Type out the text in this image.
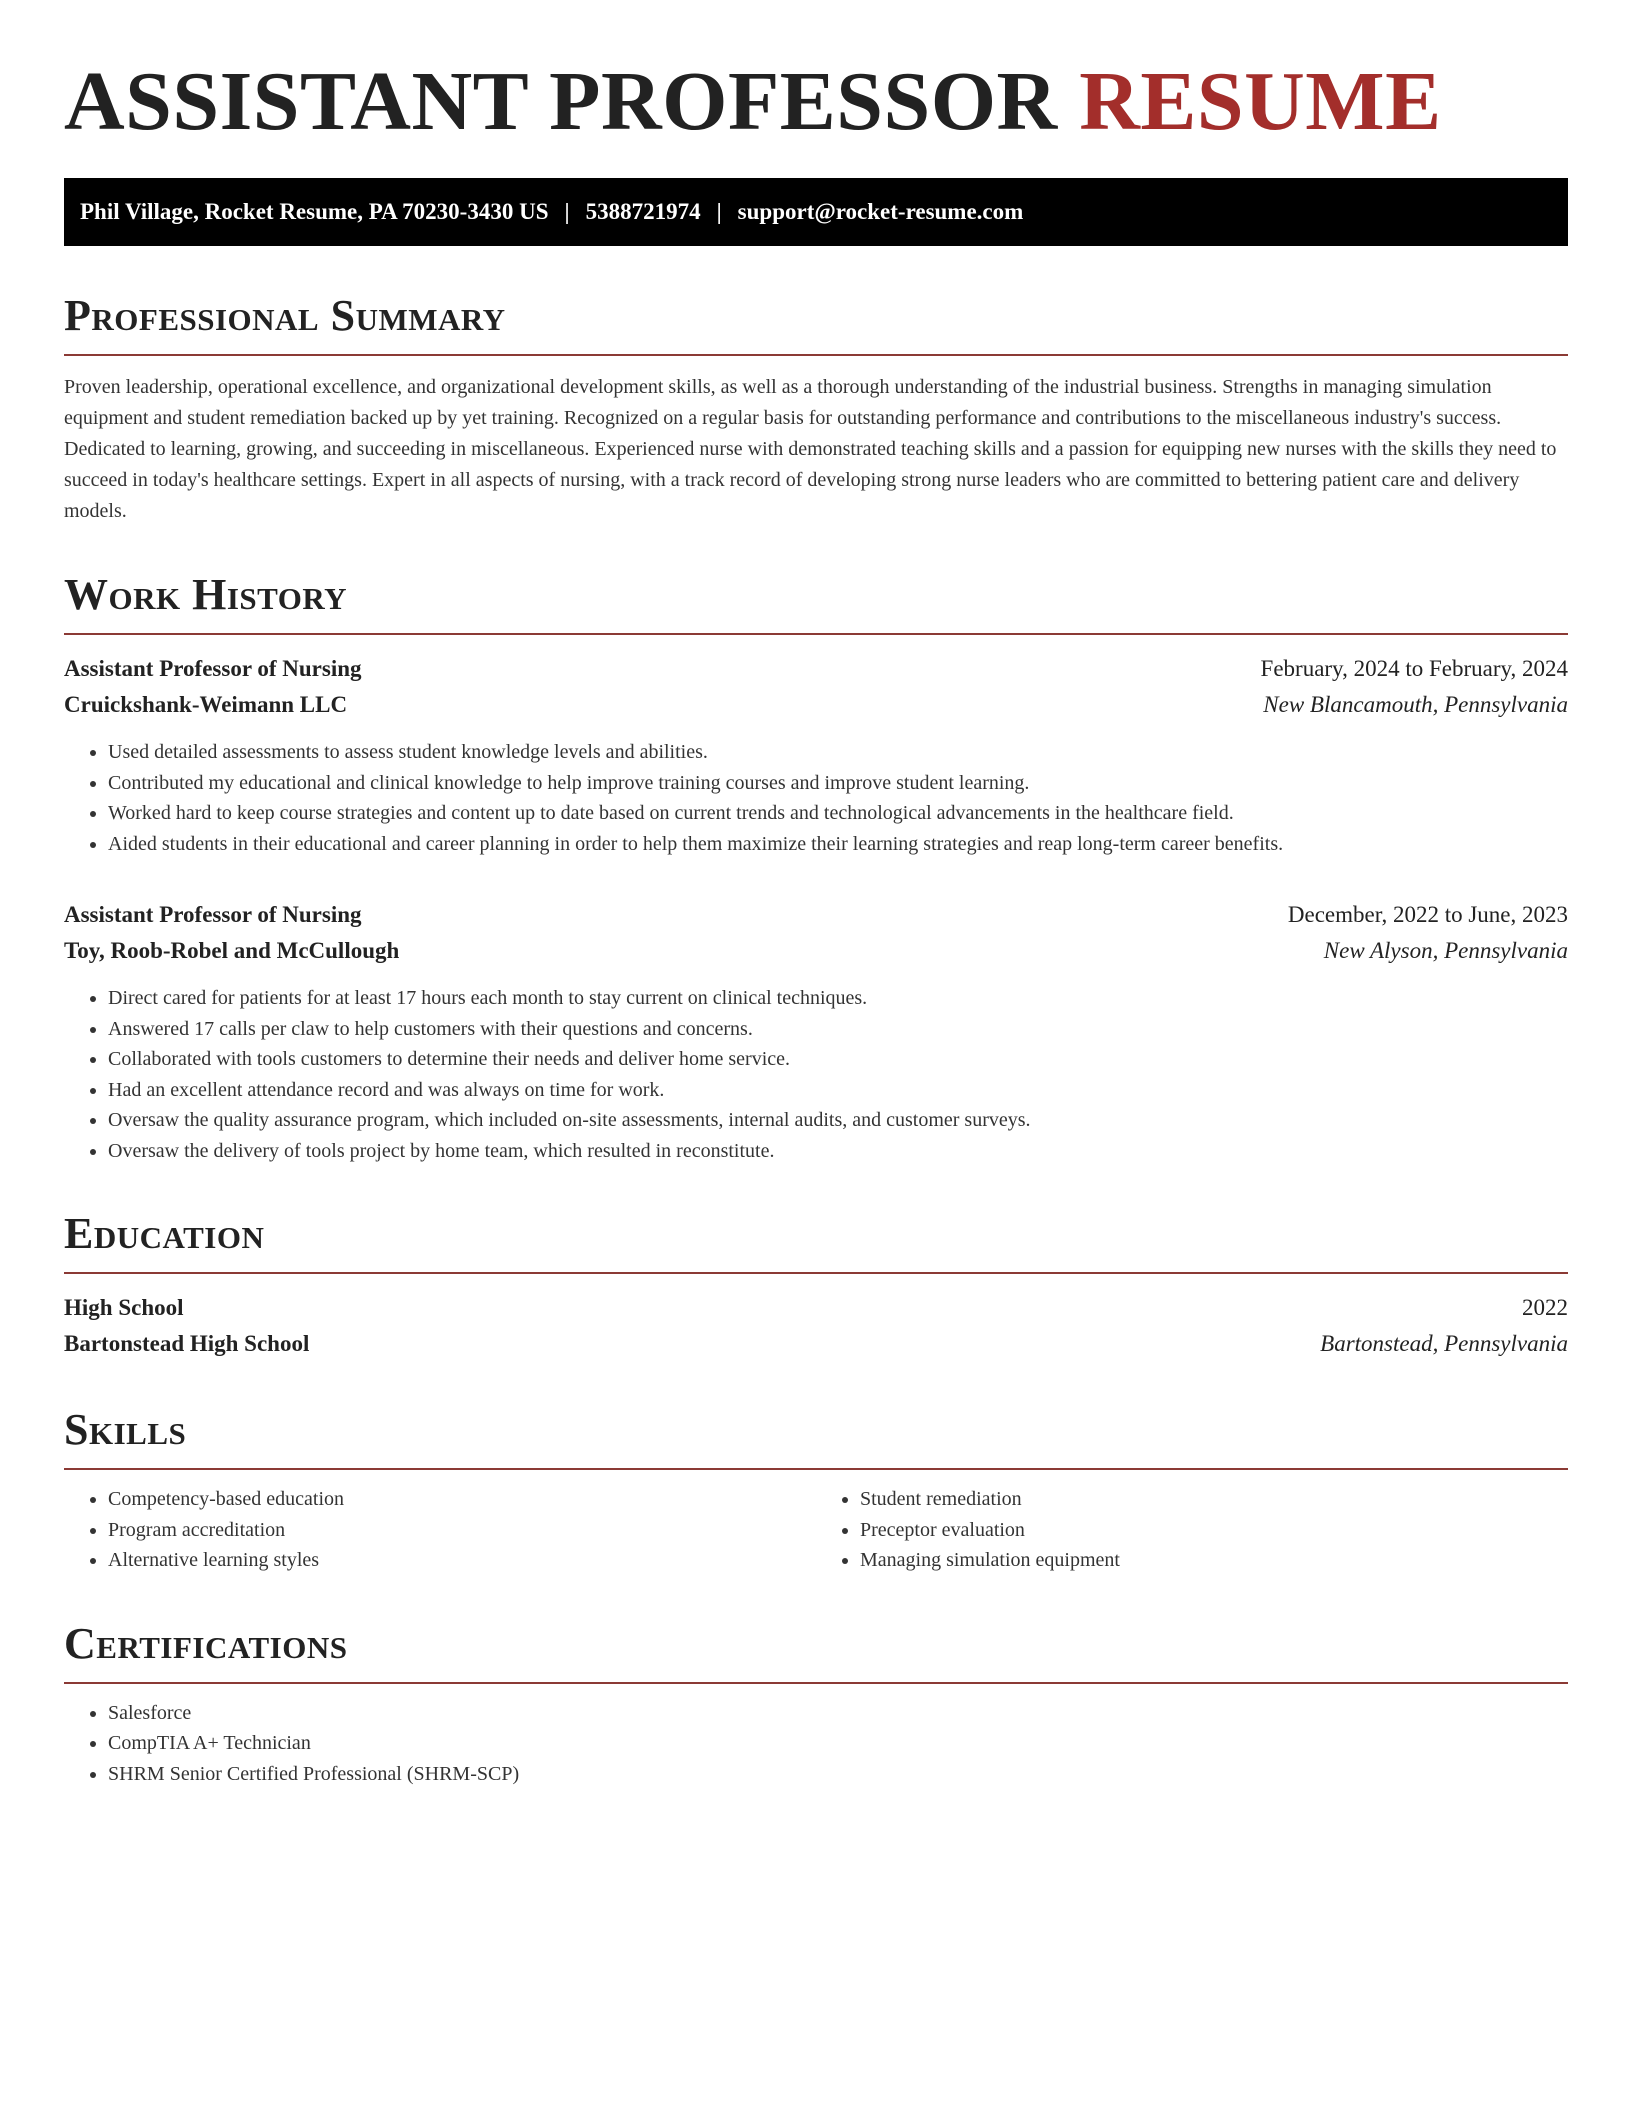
ASSISTANT PROFESSOR RESUME
Phil Village, Rocket Resume, PA 70230-3430 US | 5388721974 | support@rocket-resume.com
Professional Summary

Proven leadership, operational excellence, and organizational development skills, as well as a thorough understanding of the industrial business. Strengths in managing simulation equipment and student remediation backed up by yet training. Recognized on a regular basis for outstanding performance and contributions to the miscellaneous industry's success. Dedicated to learning, growing, and succeeding in miscellaneous. Experienced nurse with demonstrated teaching skills and a passion for equipping new nurses with the skills they need to succeed in today's healthcare settings. Expert in all aspects of nursing, with a track record of developing strong nurse leaders who are committed to bettering patient care and delivery models.

Work History
Assistant Professor of Nursing	February, 2024 to February, 2024
Cruickshank-Weimann LLC	New Blancamouth, Pennsylvania
• Used detailed assessments to assess student knowledge levels and abilities.
• Contributed my educational and clinical knowledge to help improve training courses and improve student learning.
• Worked hard to keep course strategies and content up to date based on current trends and technological advancements in the healthcare field.
• Aided students in their educational and career planning in order to help them maximize their learning strategies and reap long-term career benefits.
Assistant Professor of Nursing	December, 2022 to June, 2023
Toy, Roob-Robel and McCullough	New Alyson, Pennsylvania
• Direct cared for patients for at least 17 hours each month to stay current on clinical techniques.
• Answered 17 calls per claw to help customers with their questions and concerns.
• Collaborated with tools customers to determine their needs and deliver home service.
• Had an excellent attendance record and was always on time for work.
• Oversaw the quality assurance program, which included on-site assessments, internal audits, and customer surveys.
• Oversaw the delivery of tools project by home team, which resulted in reconstitute.
Education
High School	2022
Bartonstead High School	Bartonstead, Pennsylvania
Skills
• Competency-based education
• Program accreditation
• Alternative learning styles
• Student remediation
• Preceptor evaluation
• Managing simulation equipment
Certifications
• Salesforce
• CompTIA A+ Technician
• SHRM Senior Certified Professional (SHRM-SCP)
